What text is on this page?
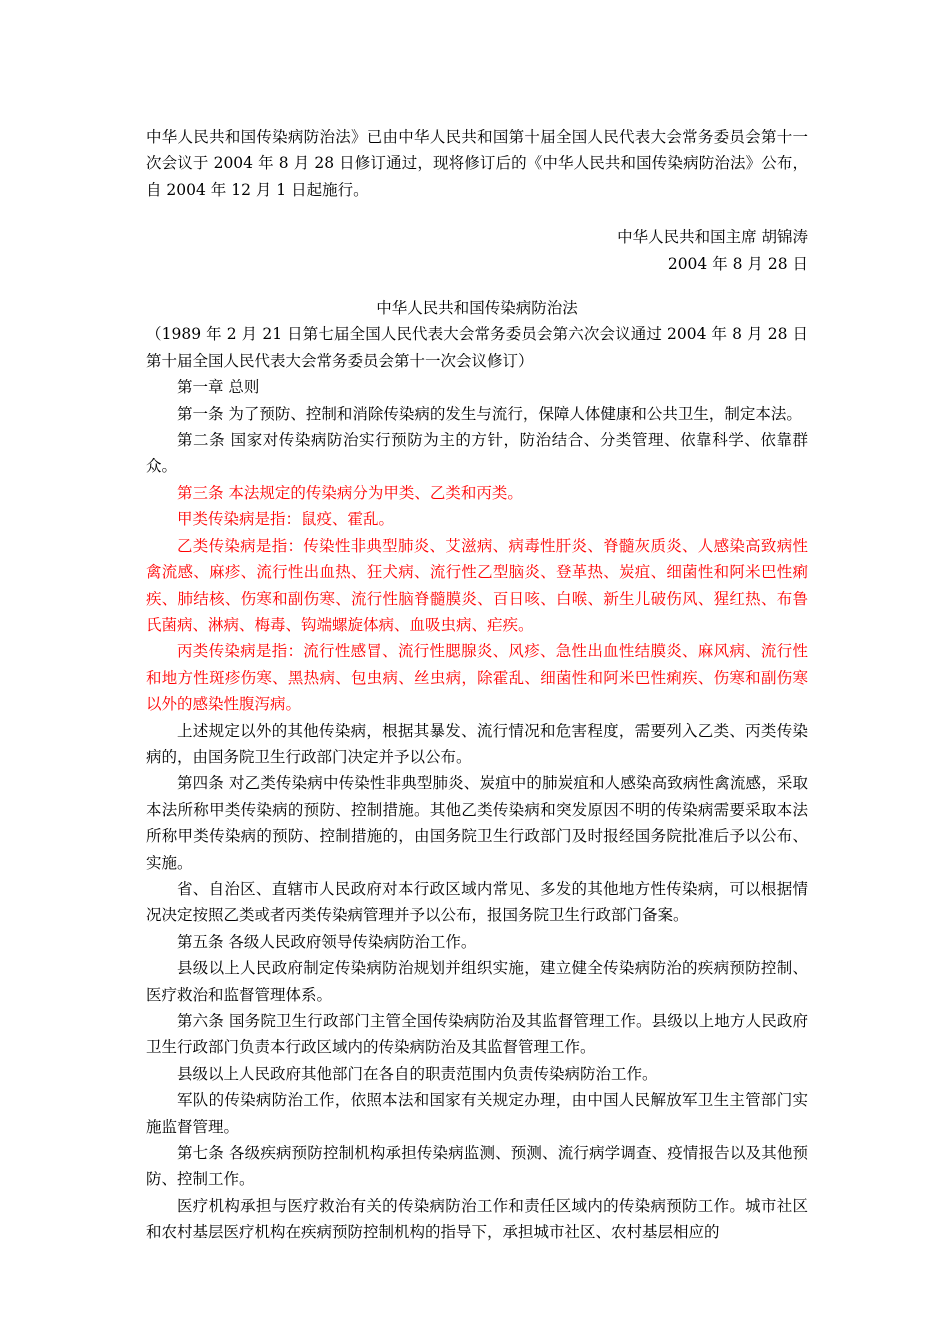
中华人民共和国传染病防治法》已由中华人民共和国第十届全国人民代表大会常务委员会第十一次会议于 2004 年 8 月 28 日修订通过，现将修订后的《中华人民共和国传染病防治法》公布，自 2004 年 12 月 1 日起施行。

中华人民共和国主席 胡锦涛

2004 年 8 月 28 日

中华人民共和国传染病防治法

（1989 年 2 月 21 日第七届全国人民代表大会常务委员会第六次会议通过 2004 年 8 月 28 日第十届全国人民代表大会常务委员会第十一次会议修订）

第一章 总则

第一条 为了预防、控制和消除传染病的发生与流行，保障人体健康和公共卫生，制定本法。

第二条 国家对传染病防治实行预防为主的方针，防治结合、分类管理、依靠科学、依靠群众。

第三条 本法规定的传染病分为甲类、乙类和丙类。

甲类传染病是指：鼠疫、霍乱。

乙类传染病是指：传染性非典型肺炎、艾滋病、病毒性肝炎、脊髓灰质炎、人感染高致病性禽流感、麻疹、流行性出血热、狂犬病、流行性乙型脑炎、登革热、炭疽、细菌性和阿米巴性痢疾、肺结核、伤寒和副伤寒、流行性脑脊髓膜炎、百日咳、白喉、新生儿破伤风、猩红热、布鲁氏菌病、淋病、梅毒、钩端螺旋体病、血吸虫病、疟疾。

丙类传染病是指：流行性感冒、流行性腮腺炎、风疹、急性出血性结膜炎、麻风病、流行性和地方性斑疹伤寒、黑热病、包虫病、丝虫病，除霍乱、细菌性和阿米巴性痢疾、伤寒和副伤寒以外的感染性腹泻病。

上述规定以外的其他传染病，根据其暴发、流行情况和危害程度，需要列入乙类、丙类传染病的，由国务院卫生行政部门决定并予以公布。

第四条 对乙类传染病中传染性非典型肺炎、炭疽中的肺炭疽和人感染高致病性禽流感，采取本法所称甲类传染病的预防、控制措施。其他乙类传染病和突发原因不明的传染病需要采取本法所称甲类传染病的预防、控制措施的，由国务院卫生行政部门及时报经国务院批准后予以公布、实施。

省、自治区、直辖市人民政府对本行政区域内常见、多发的其他地方性传染病，可以根据情况决定按照乙类或者丙类传染病管理并予以公布，报国务院卫生行政部门备案。

第五条 各级人民政府领导传染病防治工作。

县级以上人民政府制定传染病防治规划并组织实施，建立健全传染病防治的疾病预防控制、医疗救治和监督管理体系。

第六条 国务院卫生行政部门主管全国传染病防治及其监督管理工作。县级以上地方人民政府卫生行政部门负责本行政区域内的传染病防治及其监督管理工作。

县级以上人民政府其他部门在各自的职责范围内负责传染病防治工作。

军队的传染病防治工作，依照本法和国家有关规定办理，由中国人民解放军卫生主管部门实施监督管理。

第七条 各级疾病预防控制机构承担传染病监测、预测、流行病学调查、疫情报告以及其他预防、控制工作。

医疗机构承担与医疗救治有关的传染病防治工作和责任区域内的传染病预防工作。城市社区和农村基层医疗机构在疾病预防控制机构的指导下，承担城市社区、农村基层相应的
